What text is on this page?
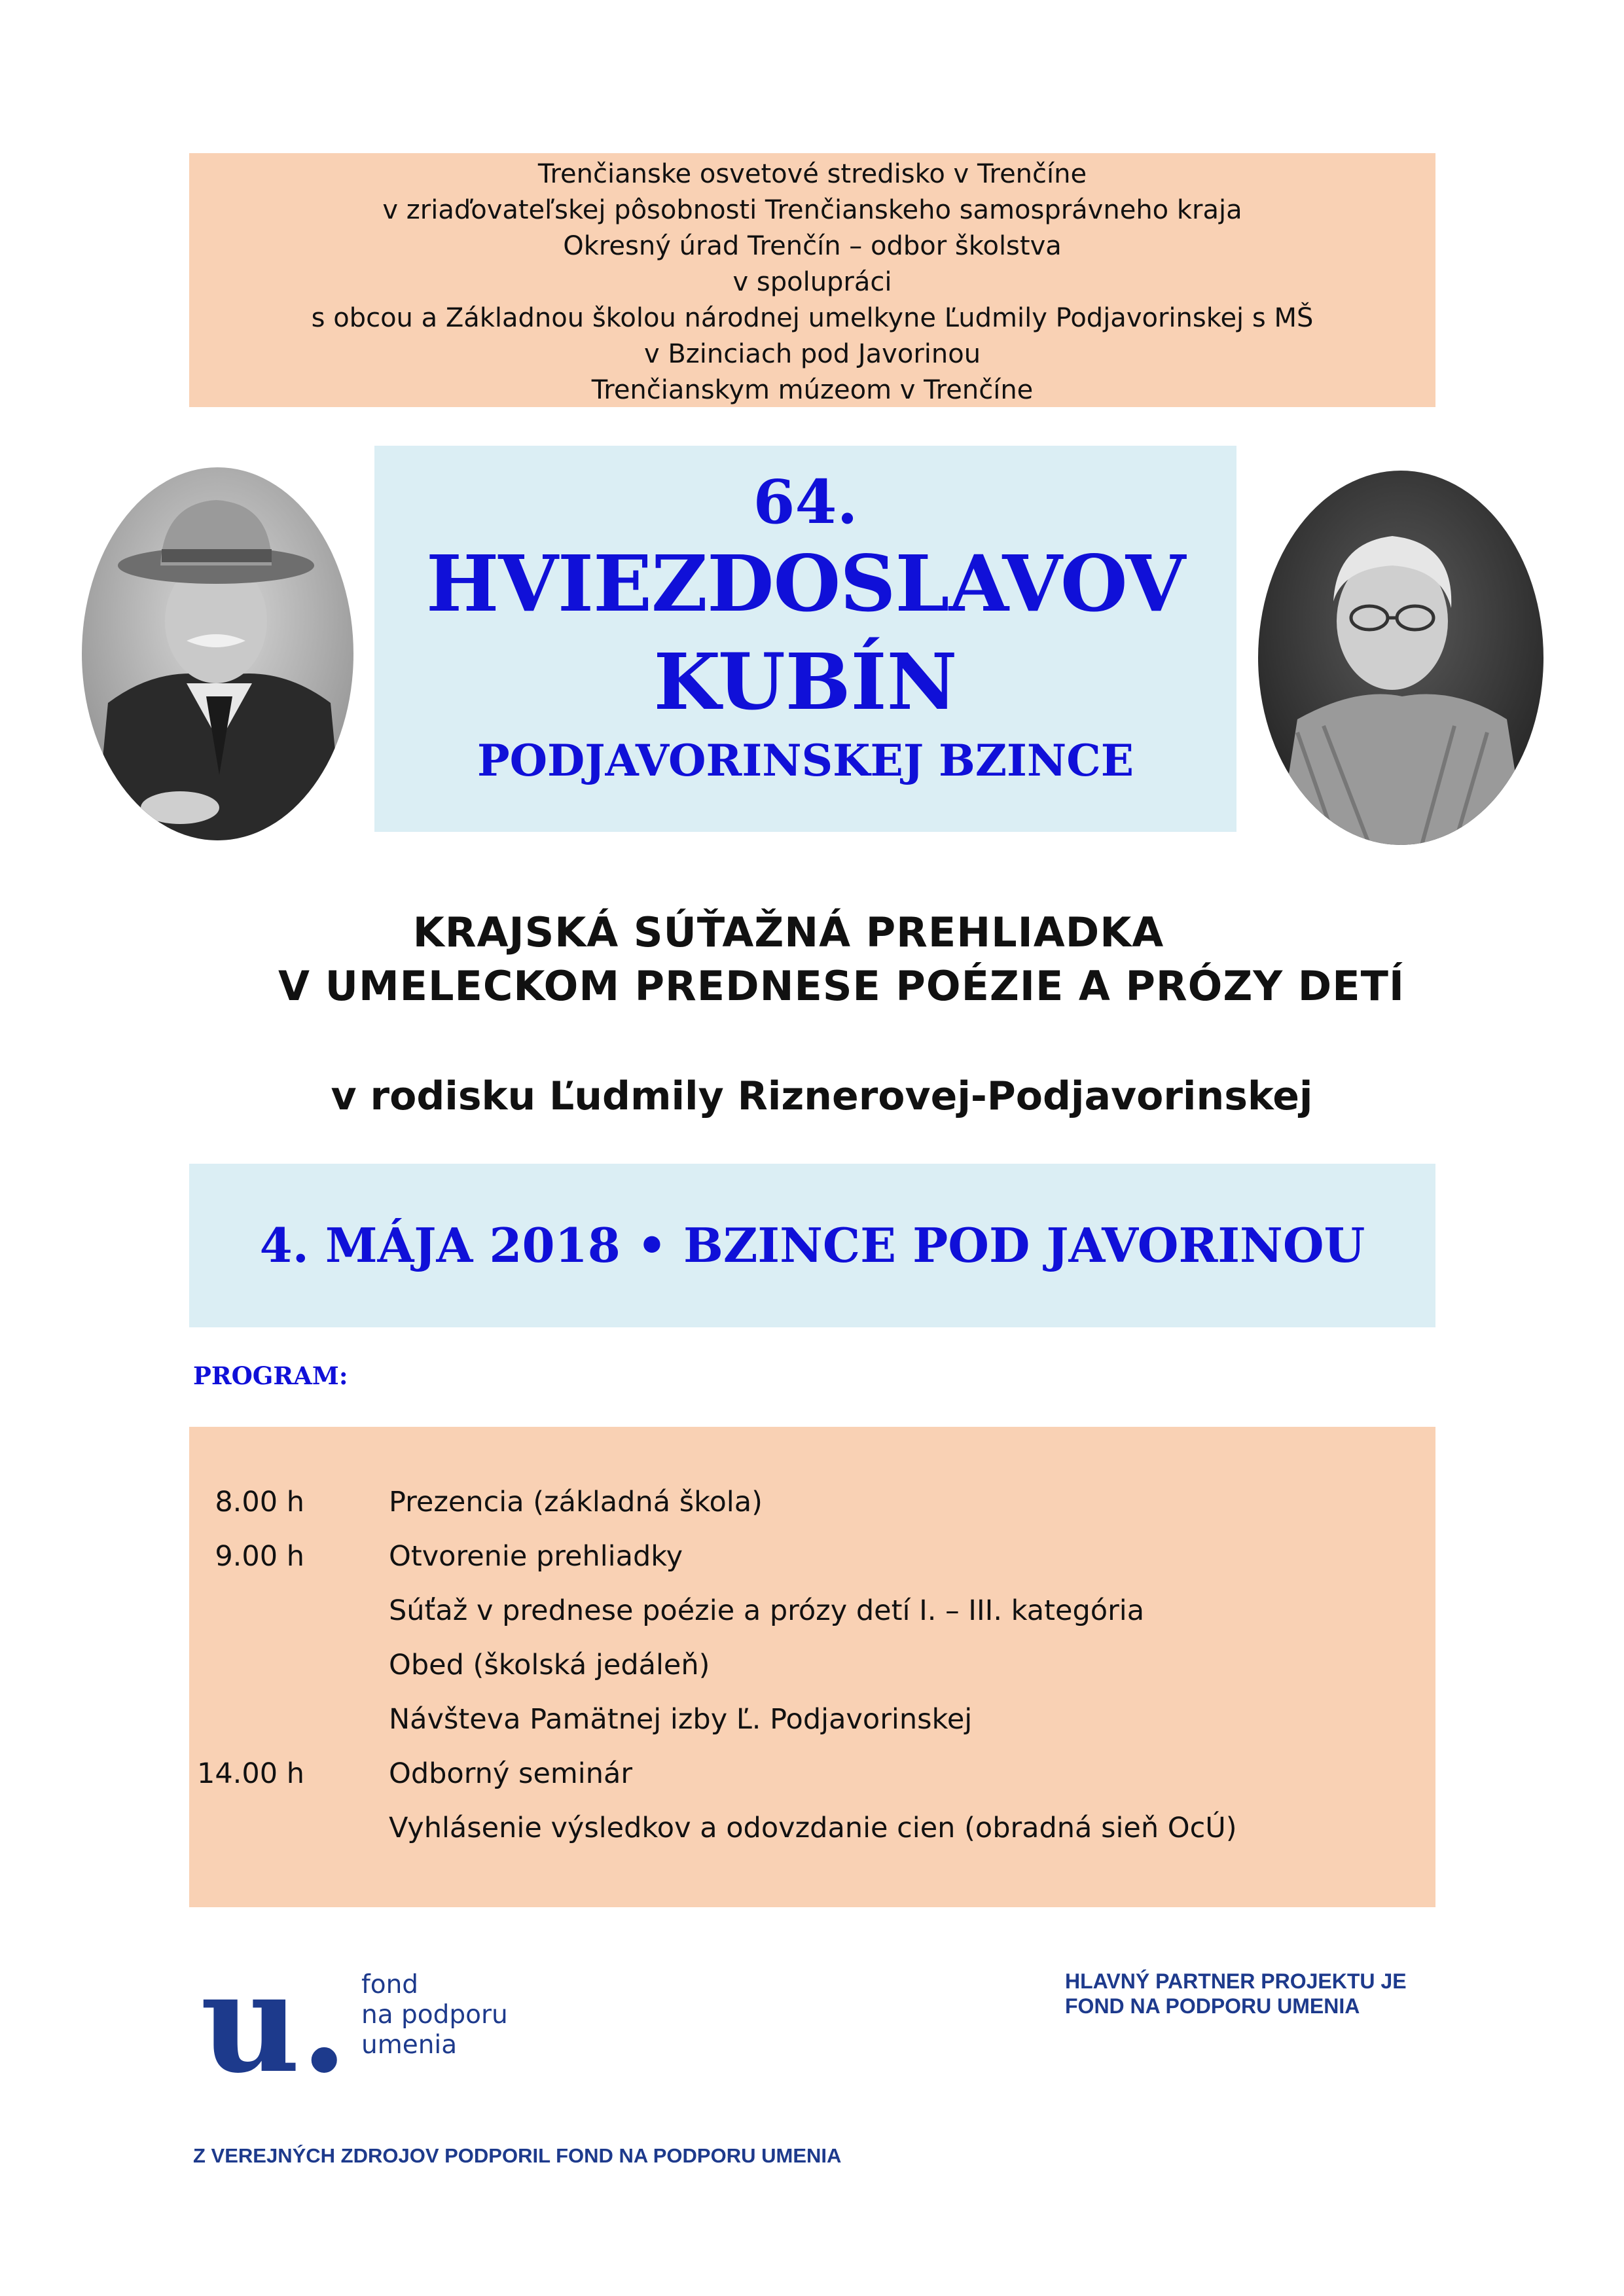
Trenčianske osvetové stredisko v Trenčíne
v zriaďovateľskej pôsobnosti Trenčianskeho samosprávneho kraja
Okresný úrad Trenčín – odbor školstva
v spolupráci
s obcou a Základnou školou národnej umelkyne Ľudmily Podjavorinskej s MŠ
v Bzinciach pod Javorinou
Trenčianskym múzeom v Trenčíne
64.
HVIEZDOSLAVOV
KUBÍN
PODJAVORINSKEJ BZINCE
KRAJSKÁ SÚŤAŽNÁ PREHLIADKA
V UMELECKOM PREDNESE POÉZIE A PRÓZY DETÍ
v rodisku Ľudmily Riznerovej-Podjavorinskej
4. MÁJA 2018 • BZINCE POD JAVORINOU
PROGRAM:
8.00 h	Prezencia (základná škola)
9.00 h	Otvorenie prehliadky
Súťaž v prednese poézie a prózy detí I. – III. kategória
Obed (školská jedáleň)
Návšteva Pamätnej izby Ľ. Podjavorinskej
14.00 h	Odborný seminár
Vyhlásenie výsledkov a odovzdanie cien (obradná sieň OcÚ)
u. fond
na podporu
umenia
HLAVNÝ PARTNER PROJEKTU JE
FOND NA PODPORU UMENIA
Z VEREJNÝCH ZDROJOV PODPORIL FOND NA PODPORU UMENIA
